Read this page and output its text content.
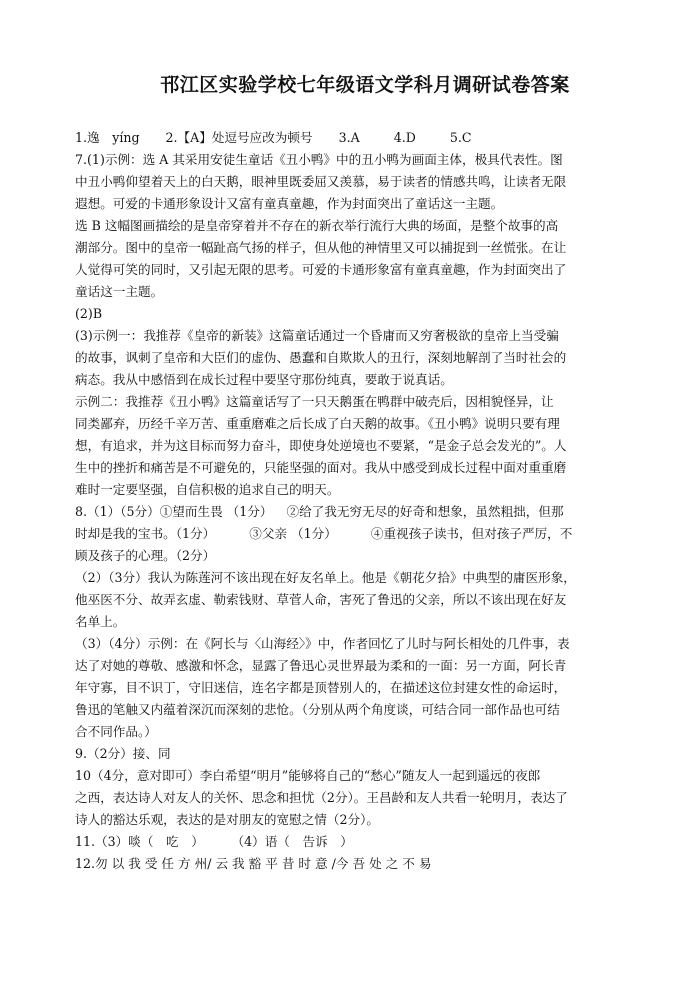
邗江区实验学校七年级语文学科月调研试卷答案
1.逸　yíng 2.【A】处逗号应改为顿号 3.A	4.D	5.C
7.(1)示例：选 A 其采用安徒生童话《丑小鸭》中的丑小鸭为画面主体，极具代表性。图
中丑小鸭仰望着天上的白天鹅，眼神里既委屈又羡慕，易于读者的情感共鸣，让读者无限
遐想。可爱的卡通形象设计又富有童真童趣，作为封面突出了童话这一主题。
选 B 这幅图画描绘的是皇帝穿着并不存在的新衣举行流行大典的场面，是整个故事的高
潮部分。图中的皇帝一幅趾高气扬的样子，但从他的神情里又可以捕捉到一丝慌张。在让
人觉得可笑的同时，又引起无限的思考。可爱的卡通形象富有童真童趣，作为封面突出了
童话这一主题。
(2)B
(3)示例一：我推荐《皇帝的新装》这篇童话通过一个昏庸而又穷奢极欲的皇帝上当受骗
的故事，讽刺了皇帝和大臣们的虚伪、愚蠢和自欺欺人的丑行，深刻地解剖了当时社会的
病态。我从中感悟到在成长过程中要坚守那份纯真，要敢于说真话。
示例二：我推荐《丑小鸭》这篇童话写了一只天鹅蛋在鸭群中破壳后，因相貌怪异，让
同类鄙弃，历经千辛万苦、重重磨难之后长成了白天鹅的故事。《丑小鸭》说明只要有理
想，有追求，并为这目标而努力奋斗，即使身处逆境也不要紧，“是金子总会发光的”。人
生中的挫折和痛苦是不可避免的，只能坚强的面对。我从中感受到成长过程中面对重重磨
难时一定要坚强，自信积极的追求自己的明天。
8.（1）（5分）①望而生畏 （1分） ②给了我无穷无尽的好奇和想象，虽然粗拙，但那
时却是我的宝书。（1分）	③父亲 （1分）	④重视孩子读书，但对孩子严厉，不
顾及孩子的心理。（2分）
（2）（3分）我认为陈莲河不该出现在好友名单上。他是《朝花夕拾》中典型的庸医形象，
他巫医不分、故弄玄虚、勒索钱财、草菅人命，害死了鲁迅的父亲，所以不该出现在好友
名单上。
（3）（4分）示例：在《阿长与〈山海经〉》中，作者回忆了儿时与阿长相处的几件事，表
达了对她的尊敬、感激和怀念，显露了鲁迅心灵世界最为柔和的一面：另一方面，阿长青
年守寡，目不识丁，守旧迷信，连名字都是顶替别人的，在描述这位封建女性的命运时，
鲁迅的笔触又内蕴着深沉而深刻的悲怆。（分别从两个角度谈，可结合同一部作品也可结
合不同作品。）
9.（2分）接、同
10（4分，意对即可）李白希望“明月”能够将自己的“愁心”随友人一起到遥远的夜郎
之西，表达诗人对友人的关怀、思念和担忧（2分）。王昌龄和友人共看一轮明月，表达了
诗人的豁达乐观，表达的是对朋友的宽慰之情（2分）。
11.（3）啖（　吃　）	（4）语（　告诉　）
12.勿 以 我 受 任 方 州/ 云 我 豁 平 昔 时 意 /今 吾 处 之 不 易
